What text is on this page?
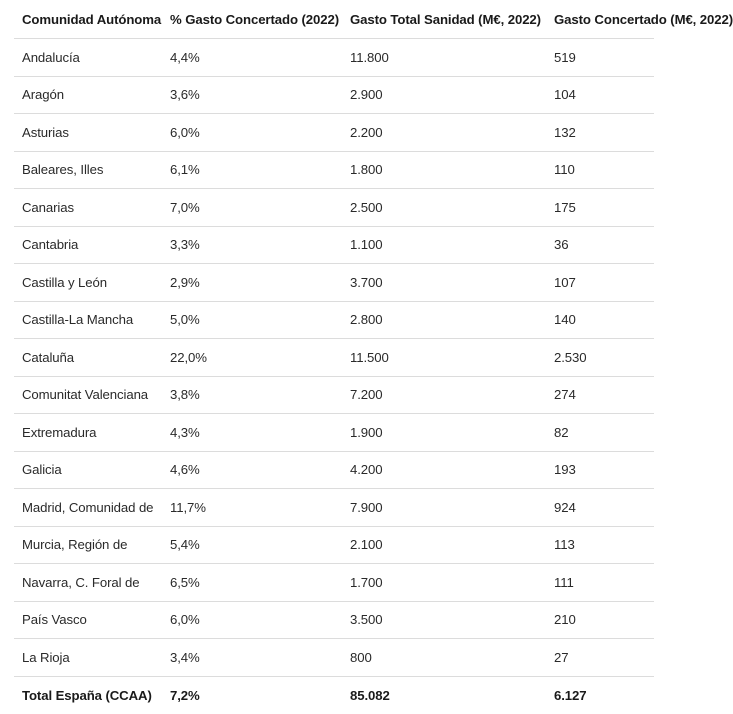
Comunidad Autónoma	% Gasto Concertado (2022)	Gasto Total Sanidad (M€, 2022)	Gasto Concertado (M€, 2022)
Andalucía	4,4%	11.800	519
Aragón	3,6%	2.900	104
Asturias	6,0%	2.200	132
Baleares, Illes	6,1%	1.800	110
Canarias	7,0%	2.500	175
Cantabria	3,3%	1.100	36
Castilla y León	2,9%	3.700	107
Castilla-La Mancha	5,0%	2.800	140
Cataluña	22,0%	11.500	2.530
Comunitat Valenciana	3,8%	7.200	274
Extremadura	4,3%	1.900	82
Galicia	4,6%	4.200	193
Madrid, Comunidad de	11,7%	7.900	924
Murcia, Región de	5,4%	2.100	113
Navarra, C. Foral de	6,5%	1.700	111
País Vasco	6,0%	3.500	210
La Rioja	3,4%	800	27
Total España (CCAA)	7,2%	85.082	6.127
